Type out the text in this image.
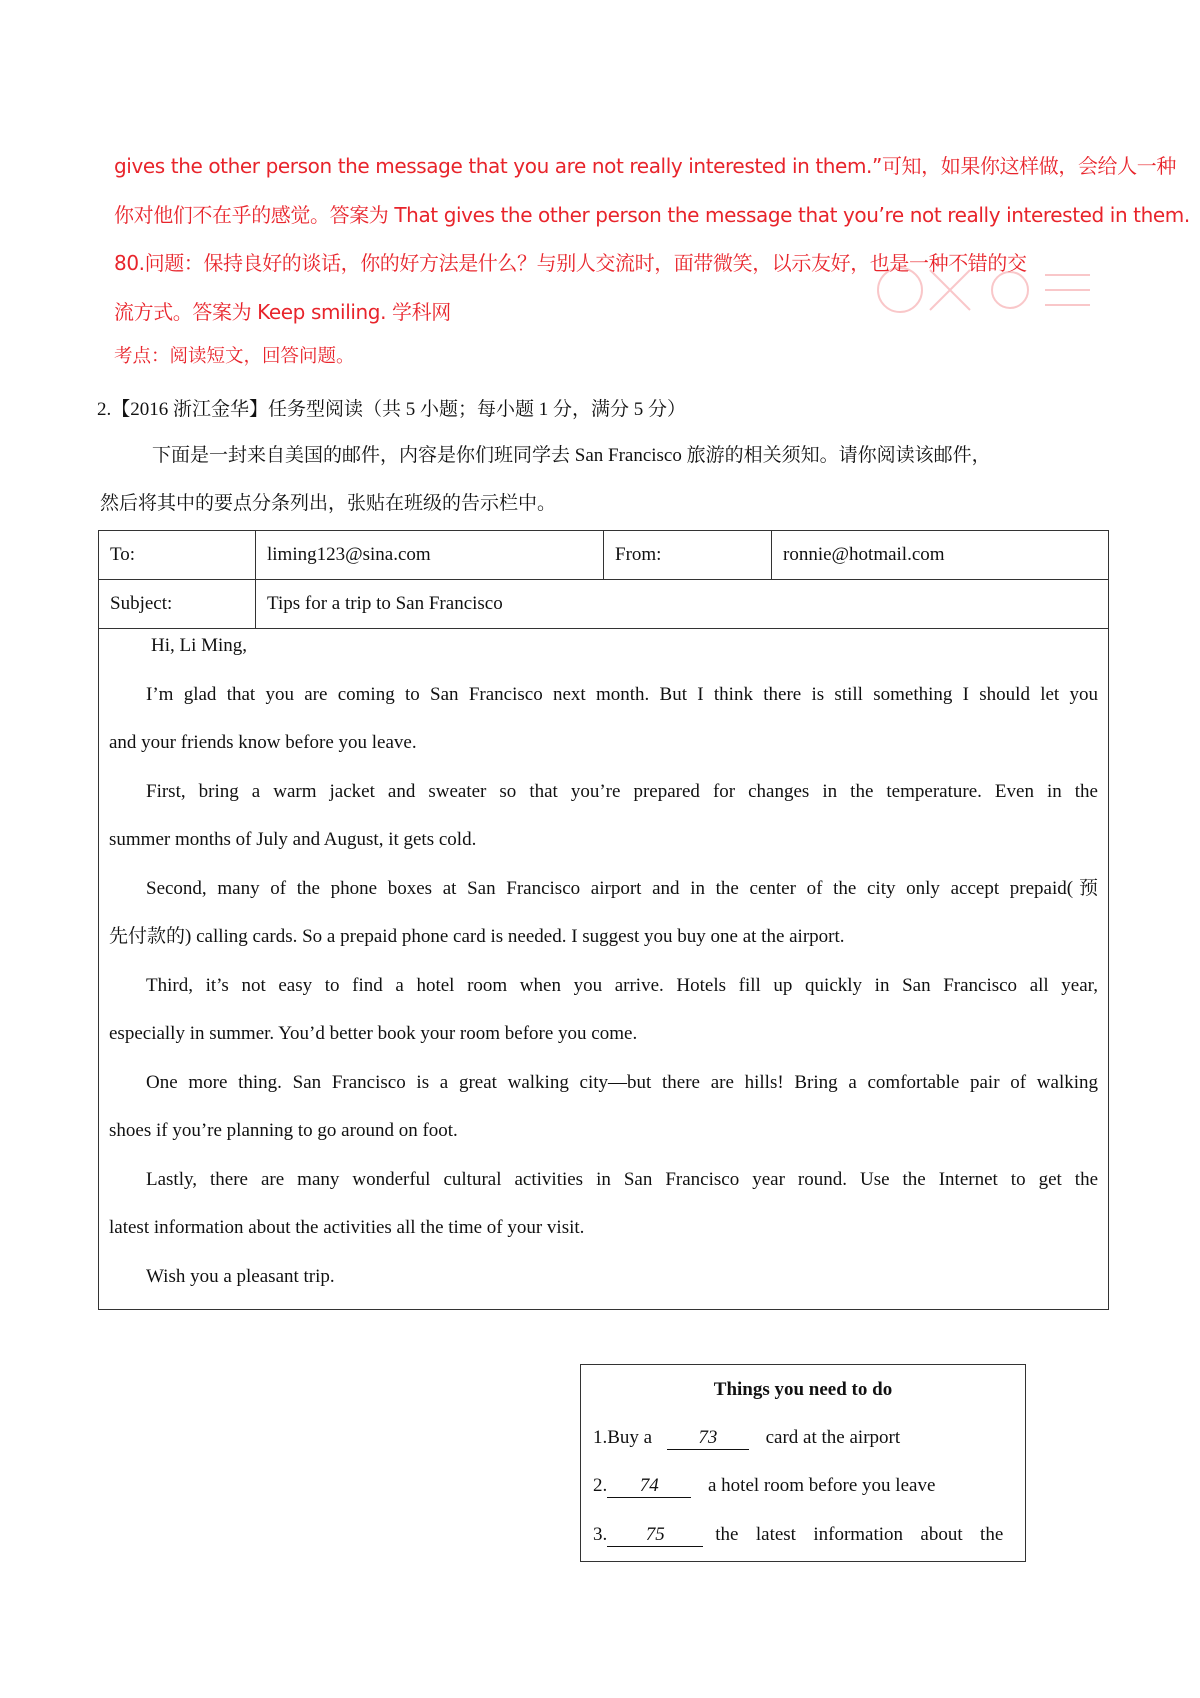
gives the other person the message that you are not really interested in them.”可知，如果你这样做，会给人一种
你对他们不在乎的感觉。答案为 That gives the other person the message that you’re not really interested in them.
80.问题：保持良好的谈话，你的好方法是什么？与别人交流时，面带微笑，以示友好，也是一种不错的交
流方式。答案为 Keep smiling. 学科网
考点：阅读短文，回答问题。
2.【2016 浙江金华】任务型阅读（共 5 小题；每小题 1 分，满分 5 分）
下面是一封来自美国的邮件，内容是你们班同学去 San Francisco 旅游的相关须知。请你阅读该邮件，
然后将其中的要点分条列出，张贴在班级的告示栏中。
To:	liming123@sina.com	From:	ronnie@hotmail.com
Subject:	Tips for a trip to San Francisco
Hi, Li Ming,
I’m glad that you are coming to San Francisco next month. But I think there is still something I should let you
and your friends know before you leave.
First, bring a warm jacket and sweater so that you’re prepared for changes in the temperature. Even in the
summer months of July and August, it gets cold.
Second, many of the phone boxes at San Francisco airport and in the center of the city only accept prepaid(预
先付款的) calling cards. So a prepaid phone card is needed. I suggest you buy one at the airport.
Third, it’s not easy to find a hotel room when you arrive. Hotels fill up quickly in San Francisco all year,
especially in summer. You’d better book your room before you come.
One more thing. San Francisco is a great walking city—but there are hills! Bring a comfortable pair of walking
shoes if you’re planning to go around on foot.
Lastly, there are many wonderful cultural activities in San Francisco year round. Use the Internet to get the
latest information about the activities all the time of your visit.
Wish you a pleasant trip.
Things you need to do
1.Buy a 73	card at the airport
2. 74	a hotel room before you leave
3. 75	the latest information about the
